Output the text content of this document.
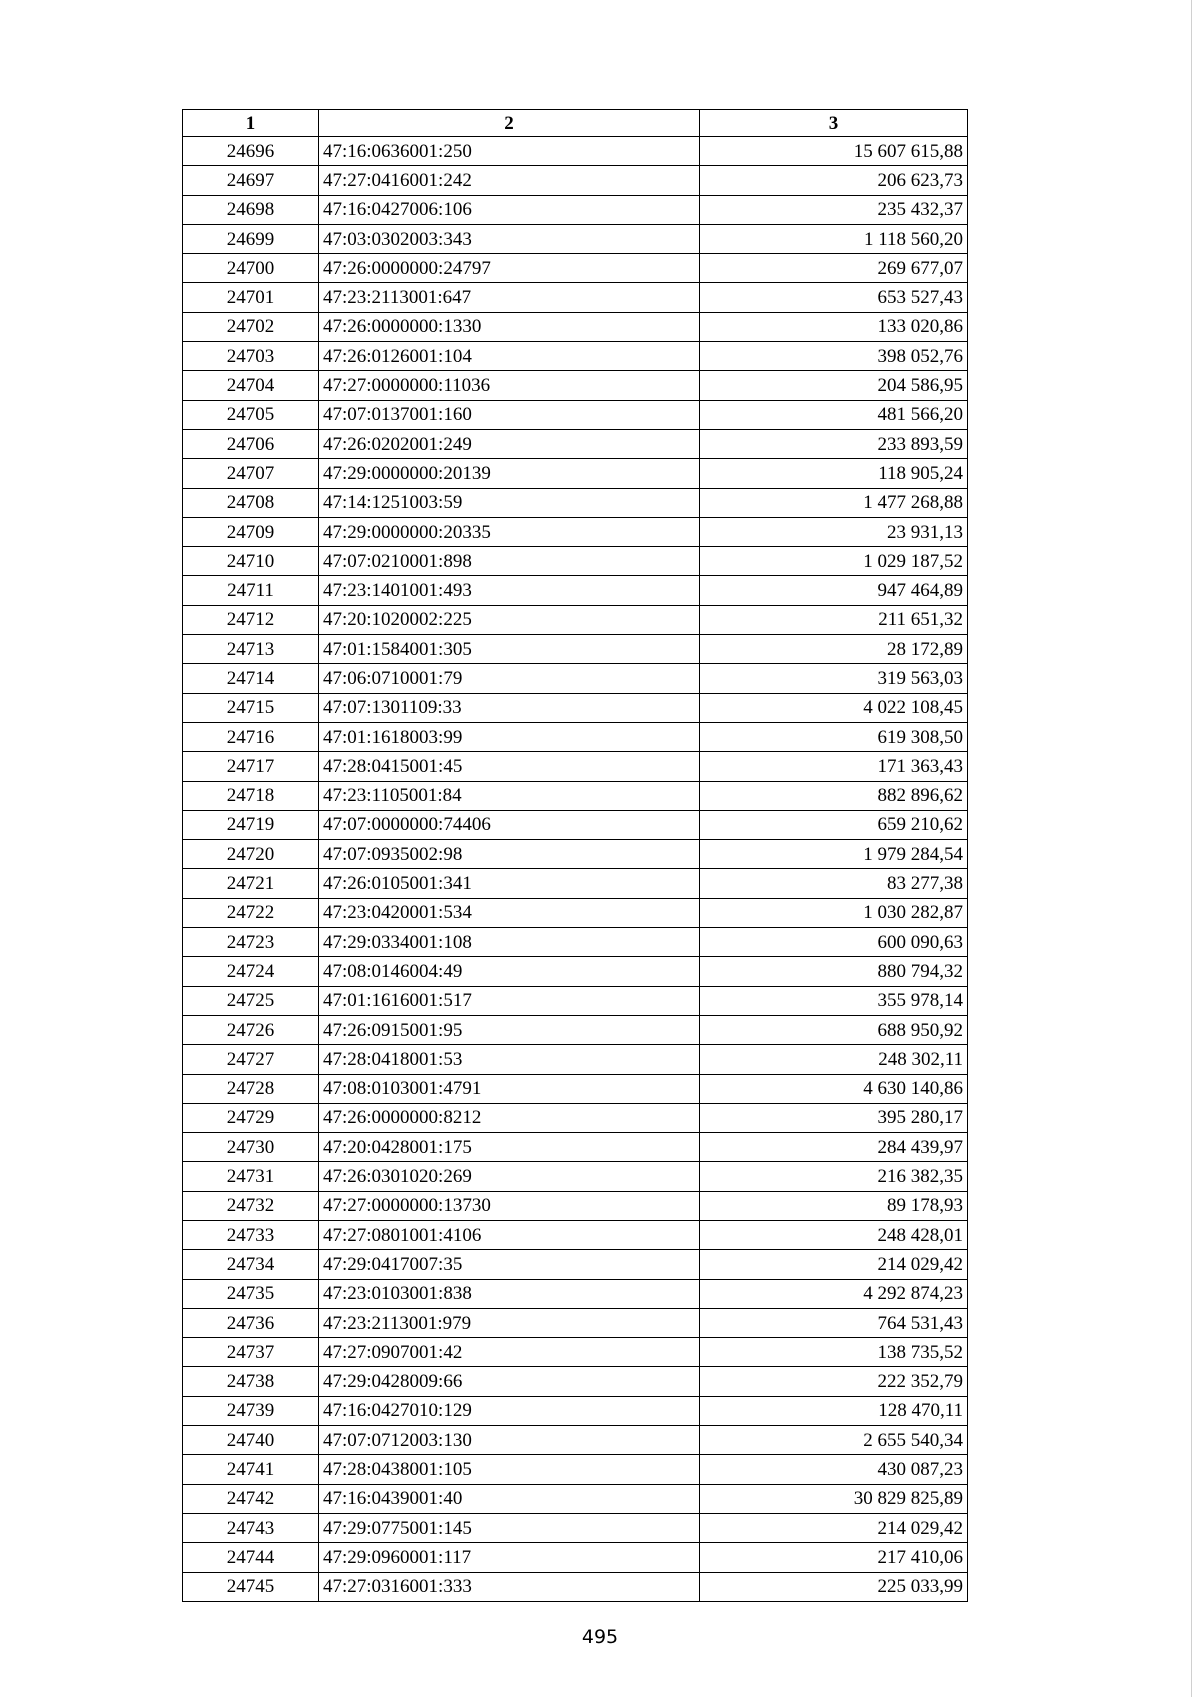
1	2	3
24696	47:16:0636001:250	15 607 615,88
24697	47:27:0416001:242	206 623,73
24698	47:16:0427006:106	235 432,37
24699	47:03:0302003:343	1 118 560,20
24700	47:26:0000000:24797	269 677,07
24701	47:23:2113001:647	653 527,43
24702	47:26:0000000:1330	133 020,86
24703	47:26:0126001:104	398 052,76
24704	47:27:0000000:11036	204 586,95
24705	47:07:0137001:160	481 566,20
24706	47:26:0202001:249	233 893,59
24707	47:29:0000000:20139	118 905,24
24708	47:14:1251003:59	1 477 268,88
24709	47:29:0000000:20335	23 931,13
24710	47:07:0210001:898	1 029 187,52
24711	47:23:1401001:493	947 464,89
24712	47:20:1020002:225	211 651,32
24713	47:01:1584001:305	28 172,89
24714	47:06:0710001:79	319 563,03
24715	47:07:1301109:33	4 022 108,45
24716	47:01:1618003:99	619 308,50
24717	47:28:0415001:45	171 363,43
24718	47:23:1105001:84	882 896,62
24719	47:07:0000000:74406	659 210,62
24720	47:07:0935002:98	1 979 284,54
24721	47:26:0105001:341	83 277,38
24722	47:23:0420001:534	1 030 282,87
24723	47:29:0334001:108	600 090,63
24724	47:08:0146004:49	880 794,32
24725	47:01:1616001:517	355 978,14
24726	47:26:0915001:95	688 950,92
24727	47:28:0418001:53	248 302,11
24728	47:08:0103001:4791	4 630 140,86
24729	47:26:0000000:8212	395 280,17
24730	47:20:0428001:175	284 439,97
24731	47:26:0301020:269	216 382,35
24732	47:27:0000000:13730	89 178,93
24733	47:27:0801001:4106	248 428,01
24734	47:29:0417007:35	214 029,42
24735	47:23:0103001:838	4 292 874,23
24736	47:23:2113001:979	764 531,43
24737	47:27:0907001:42	138 735,52
24738	47:29:0428009:66	222 352,79
24739	47:16:0427010:129	128 470,11
24740	47:07:0712003:130	2 655 540,34
24741	47:28:0438001:105	430 087,23
24742	47:16:0439001:40	30 829 825,89
24743	47:29:0775001:145	214 029,42
24744	47:29:0960001:117	217 410,06
24745	47:27:0316001:333	225 033,99
495
